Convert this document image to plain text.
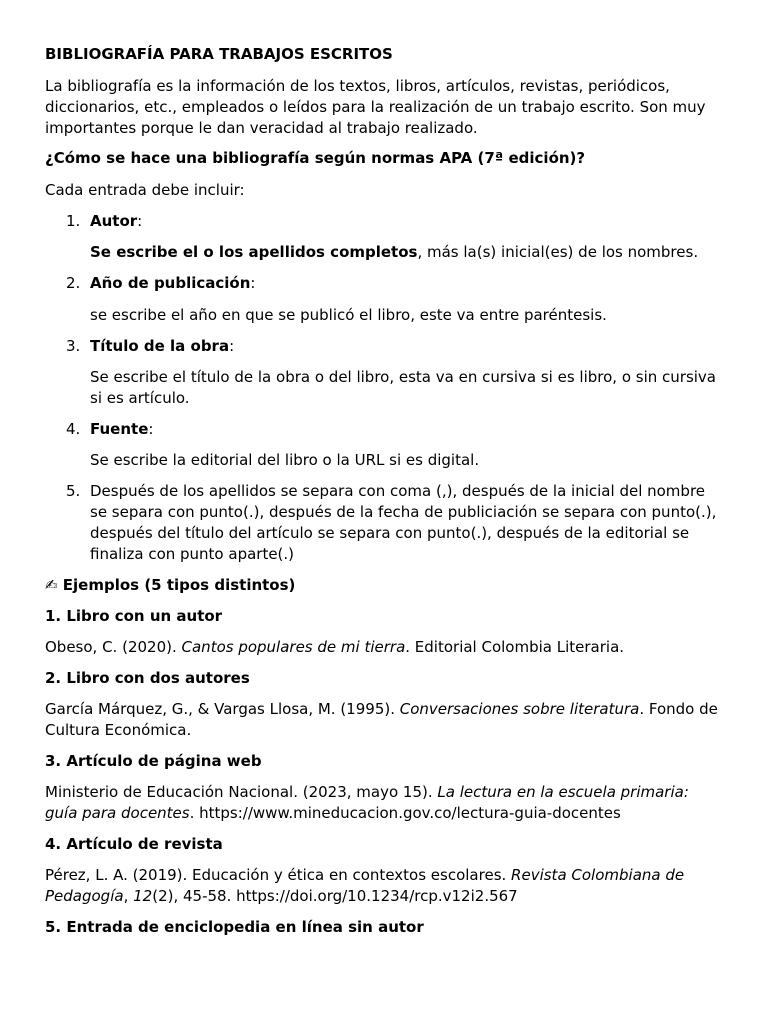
BIBLIOGRAFÍA PARA TRABAJOS ESCRITOS
La bibliografía es la información de los textos, libros, artículos, revistas, periódicos,
diccionarios, etc., empleados o leídos para la realización de un trabajo escrito. Son muy
importantes porque le dan veracidad al trabajo realizado.
¿Cómo se hace una bibliografía según normas APA (7ª edición)?
Cada entrada debe incluir:
1. Autor:
Se escribe el o los apellidos completos, más la(s) inicial(es) de los nombres.
2. Año de publicación:
se escribe el año en que se publicó el libro, este va entre paréntesis.
3. Título de la obra:
Se escribe el título de la obra o del libro, esta va en cursiva si es libro, o sin cursiva
si es artículo.
4. Fuente:
Se escribe la editorial del libro o la URL si es digital.
5. Después de los apellidos se separa con coma (,), después de la inicial del nombre
se separa con punto(.), después de la fecha de publiciación se separa con punto(.),
después del título del artículo se separa con punto(.), después de la editorial se
finaliza con punto aparte(.)
✍ Ejemplos (5 tipos distintos)
1. Libro con un autor
Obeso, C. (2020). Cantos populares de mi tierra. Editorial Colombia Literaria.
2. Libro con dos autores
García Márquez, G., & Vargas Llosa, M. (1995). Conversaciones sobre literatura. Fondo de
Cultura Económica.
3. Artículo de página web
Ministerio de Educación Nacional. (2023, mayo 15). La lectura en la escuela primaria:
guía para docentes. https://www.mineducacion.gov.co/lectura-guia-docentes
4. Artículo de revista
Pérez, L. A. (2019). Educación y ética en contextos escolares. Revista Colombiana de
Pedagogía, 12(2), 45-58. https://doi.org/10.1234/rcp.v12i2.567
5. Entrada de enciclopedia en línea sin autor
